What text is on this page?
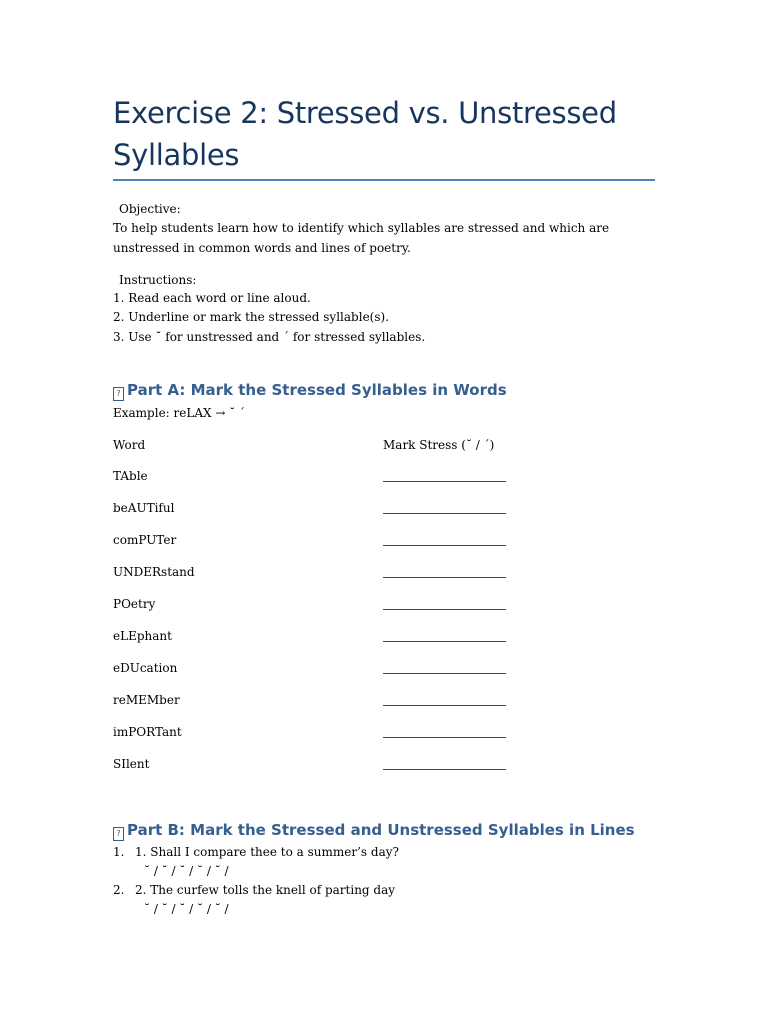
Exercise 2: Stressed vs. Unstressed Syllables
Objective:
To help students learn how to identify which syllables are stressed and which are
unstressed in common words and lines of poetry.
Instructions:
1. Read each word or line aloud.
2. Underline or mark the stressed syllable(s).
3. Use ˘ for unstressed and ´ for stressed syllables.
? Part A: Mark the Stressed Syllables in Words
Example: reLAX → ˘ ´
Word	Mark Stress (˘ / ´)
TAble
beAUTiful
comPUTer
UNDERstand
POetry
eLEphant
eDUcation
reMEMber
imPORTant
SIlent
? Part B: Mark the Stressed and Unstressed Syllables in Lines
1. 1. Shall I compare thee to a summer’s day?
˘ / ˘ / ˘ / ˘ / ˘ /
2. 2. The curfew tolls the knell of parting day
˘ / ˘ / ˘ / ˘ / ˘ /
